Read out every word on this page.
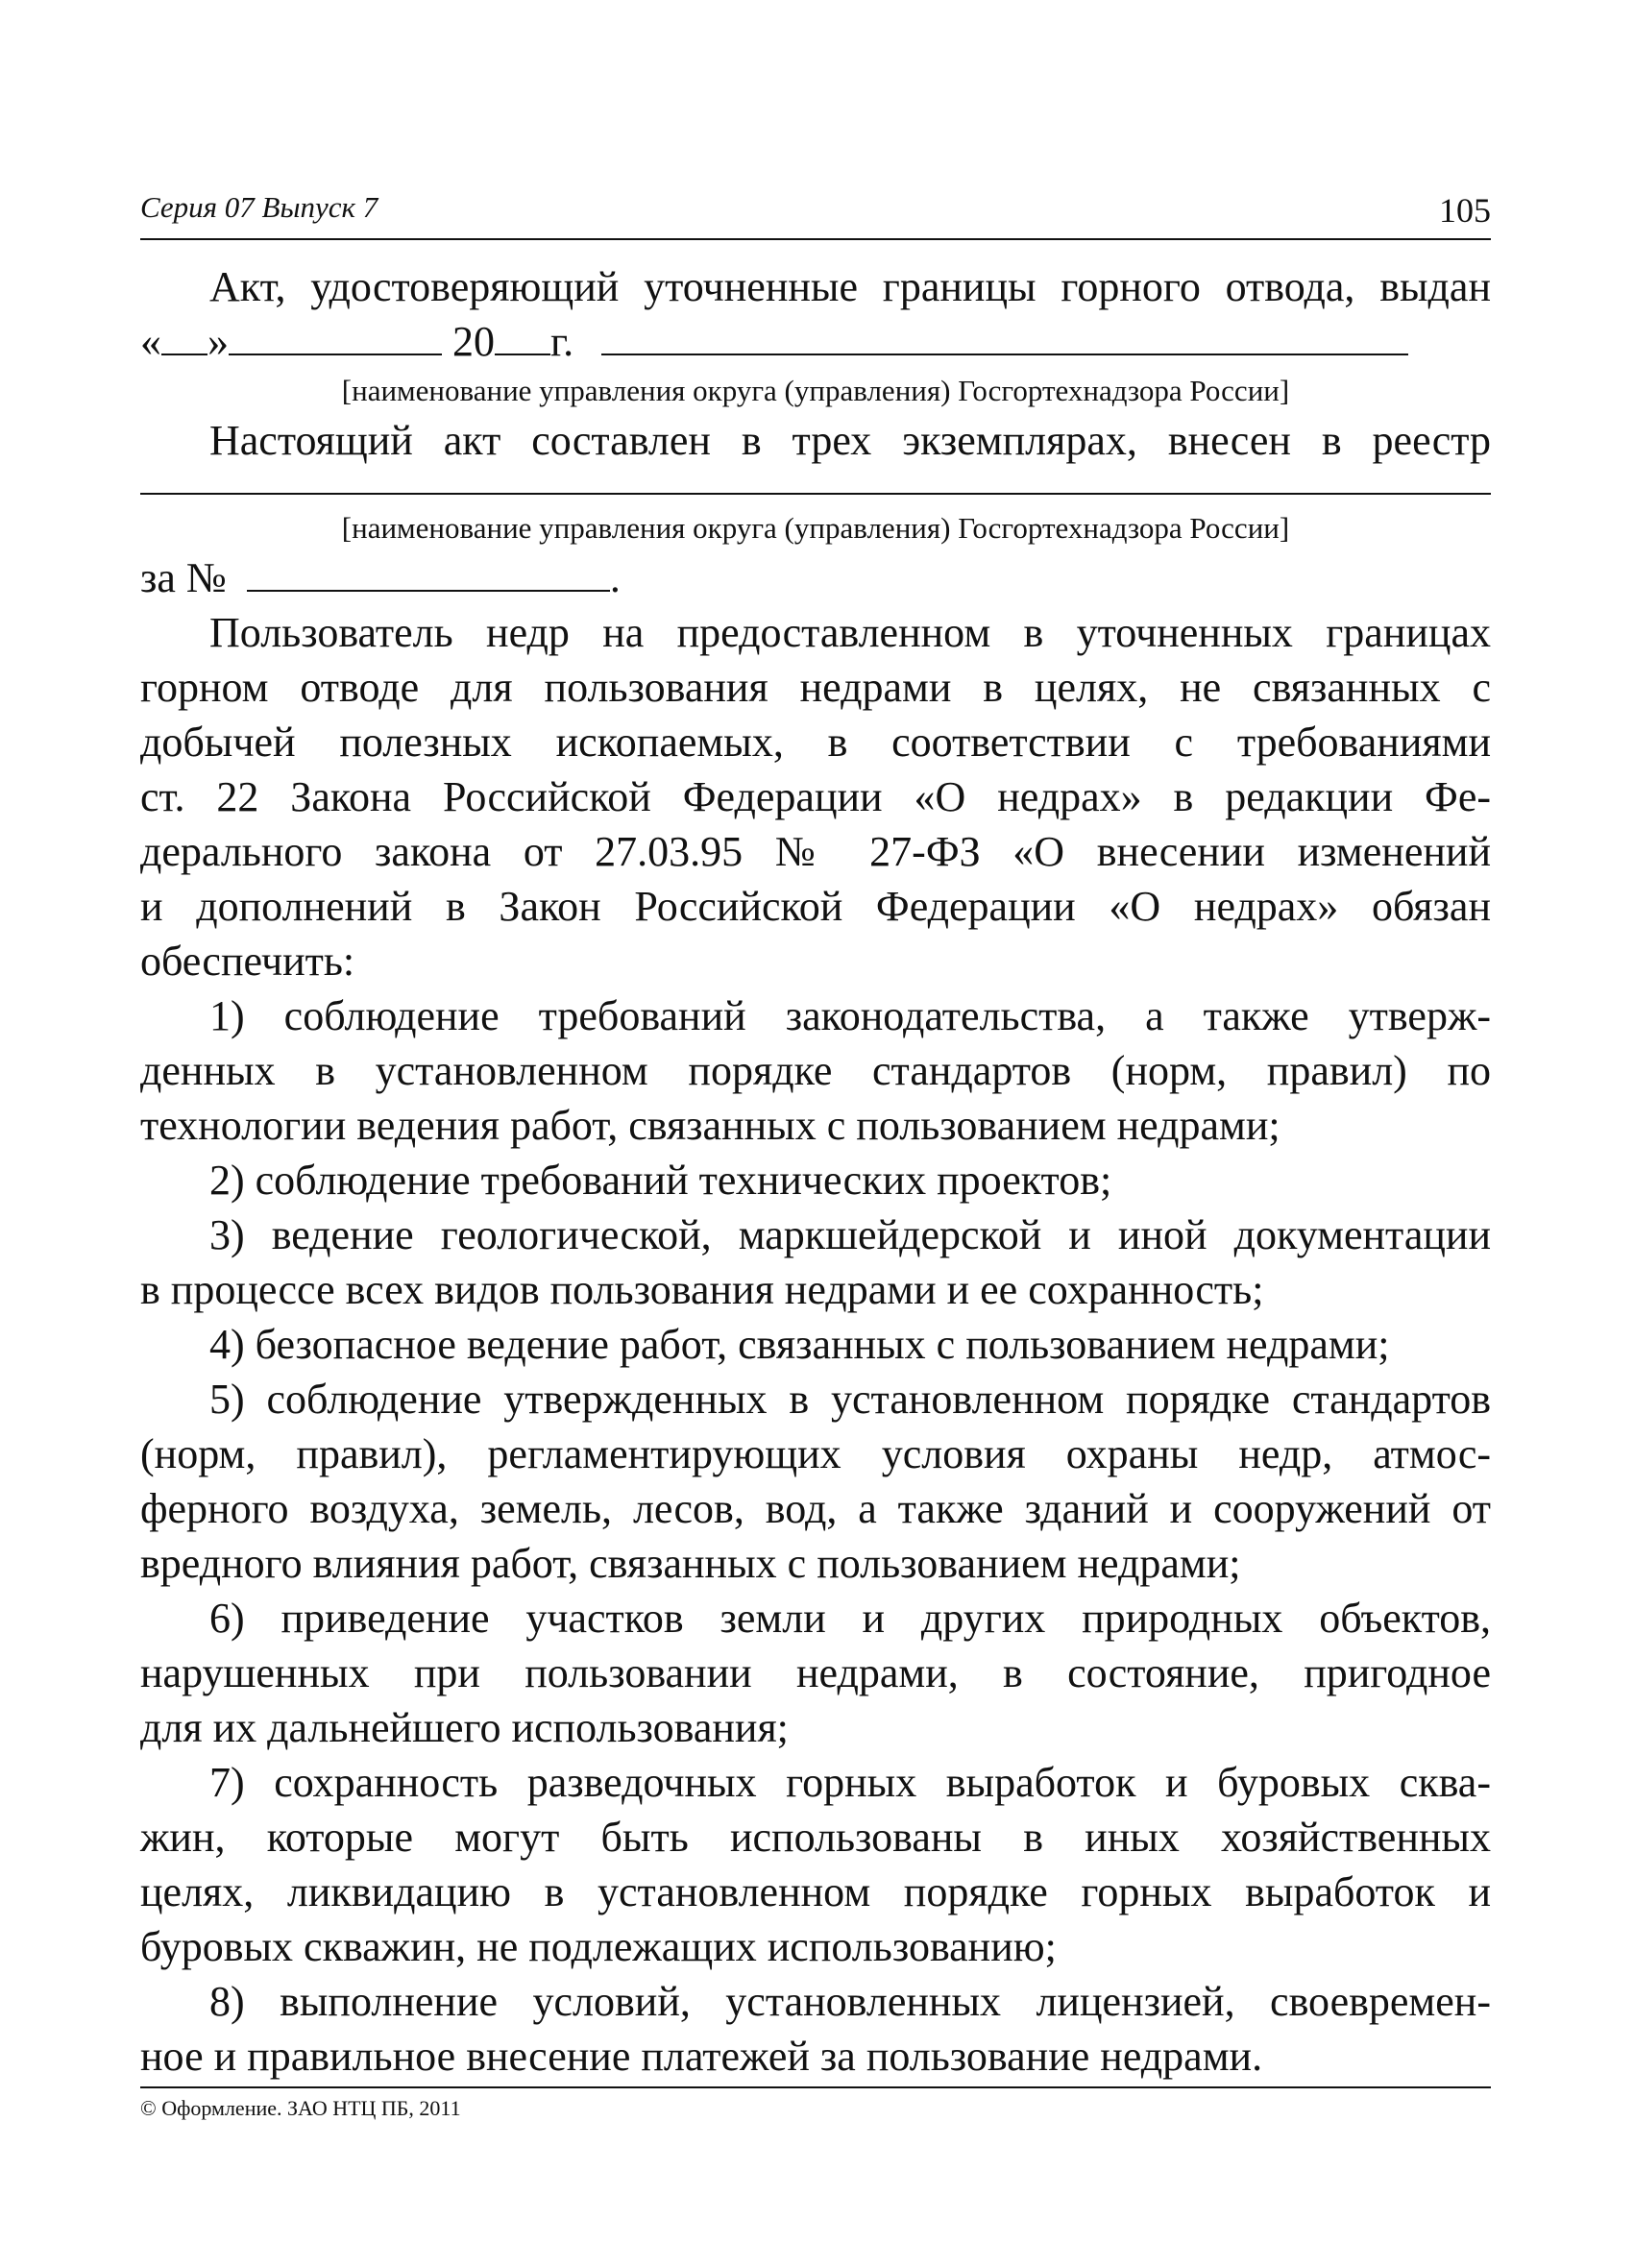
Серия 07 Выпуск 7	105
Акт, удостоверяющий уточненные границы горного отвода, выдан
« »	20 г.
[наименование управления округа (управления) Госгортехнадзора России]
Настоящий акт составлен в трех экземплярах, внесен в реестр
[наименование управления округа (управления) Госгортехнадзора России]
за №	.
Пользователь недр на предоставленном в уточненных границах
горном отводе для пользования недрами в целях, не связанных с
добычей полезных ископаемых, в соответствии с требованиями
ст. 22 Закона Российской Федерации «О недрах» в редакции Фе-
дерального закона от 27.03.95 № 27-ФЗ «О внесении изменений
и дополнений в Закон Российской Федерации «О недрах» обязан
обеспечить:
1) соблюдение требований законодательства, а также утверж-
денных в установленном порядке стандартов (норм, правил) по
технологии ведения работ, связанных с пользованием недрами;
2) соблюдение требований технических проектов;
3) ведение геологической, маркшейдерской и иной документации
в процессе всех видов пользования недрами и ее сохранность;
4) безопасное ведение работ, связанных с пользованием недрами;
5) соблюдение утвержденных в установленном порядке стандартов
(норм, правил), регламентирующих условия охраны недр, атмос-
ферного воздуха, земель, лесов, вод, а также зданий и сооружений от
вредного влияния работ, связанных с пользованием недрами;
6) приведение участков земли и других природных объектов,
нарушенных при пользовании недрами, в состояние, пригодное
для их дальнейшего использования;
7) сохранность разведочных горных выработок и буровых сква-
жин, которые могут быть использованы в иных хозяйственных
целях, ликвидацию в установленном порядке горных выработок и
буровых скважин, не подлежащих использованию;
8) выполнение условий, установленных лицензией, своевремен-
ное и правильное внесение платежей за пользование недрами.
© Оформление. ЗАО НТЦ ПБ, 2011
